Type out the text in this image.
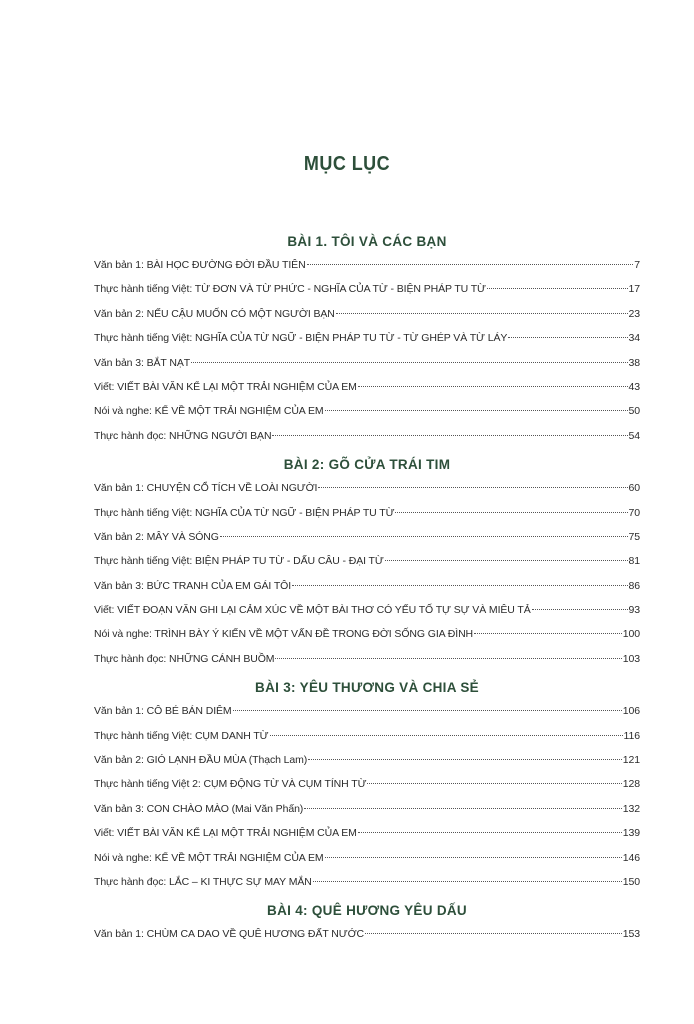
MỤC LỤC
BÀI 1. TÔI VÀ CÁC BẠN
Văn bản 1: BÀI HỌC ĐƯỜNG ĐỜI ĐẦU TIÊN	7
Thực hành tiếng Việt: TỪ ĐƠN VÀ TỪ PHỨC - NGHĨA CỦA TỪ - BIỆN PHÁP TU TỪ	17
Văn bản 2: NẾU CẬU MUỐN CÓ MỘT NGƯỜI BẠN	23
Thực hành tiếng Việt: NGHĨA CỦA TỪ NGỮ - BIỆN PHÁP TU TỪ - TỪ GHÉP VÀ TỪ LÁY	34
Văn bản 3: BẮT NẠT	38
Viết: VIẾT BÀI VĂN KỂ LẠI MỘT TRẢI NGHIỆM CỦA EM	43
Nói và nghe: KỂ VỀ MỘT TRẢI NGHIỆM CỦA EM	50
Thực hành đọc: NHỮNG NGƯỜI BẠN	54
BÀI 2: GÕ CỬA TRÁI TIM
Văn bản 1: CHUYỆN CỔ TÍCH VỀ LOÀI NGƯỜI	60
Thực hành tiếng Việt: NGHĨA CỦA TỪ NGỮ - BIỆN PHÁP TU TỪ	70
Văn bản 2: MÂY VÀ SÓNG	75
Thực hành tiếng Việt: BIỆN PHÁP TU TỪ - DẤU CÂU - ĐẠI TỪ	81
Văn bản 3: BỨC TRANH CỦA EM GÁI TÔI	86
Viết: VIẾT ĐOẠN VĂN GHI LẠI CẢM XÚC VỀ MỘT BÀI THƠ CÓ YẾU TỐ TỰ SỰ VÀ MIÊU TẢ	93
Nói và nghe: TRÌNH BÀY Ý KIẾN VỀ MỘT VẤN ĐỀ TRONG ĐỜI SỐNG GIA ĐÌNH	100
Thực hành đọc: NHỮNG CÁNH BUỒM	103
BÀI 3: YÊU THƯƠNG VÀ CHIA SẺ
Văn bản 1: CÔ BÉ BÁN DIÊM	106
Thực hành tiếng Việt: CỤM DANH TỪ	116
Văn bản 2: GIÓ LẠNH ĐẦU MÙA (Thạch Lam)	121
Thực hành tiếng Việt 2: CỤM ĐỘNG TỪ VÀ CỤM TÍNH TỪ	128
Văn bản 3: CON CHÀO MÀO (Mai Văn Phấn)	132
Viết: VIẾT BÀI VĂN KỂ LẠI MỘT TRẢI NGHIỆM CỦA EM	139
Nói và nghe: KỂ VỀ MỘT TRẢI NGHIỆM CỦA EM	146
Thực hành đọc: LẮC – KI THỰC SỰ MAY MẮN	150
BÀI 4: QUÊ HƯƠNG YÊU DẤU
Văn bản 1: CHÙM CA DAO VỀ QUÊ HƯƠNG ĐẤT NƯỚC	153
